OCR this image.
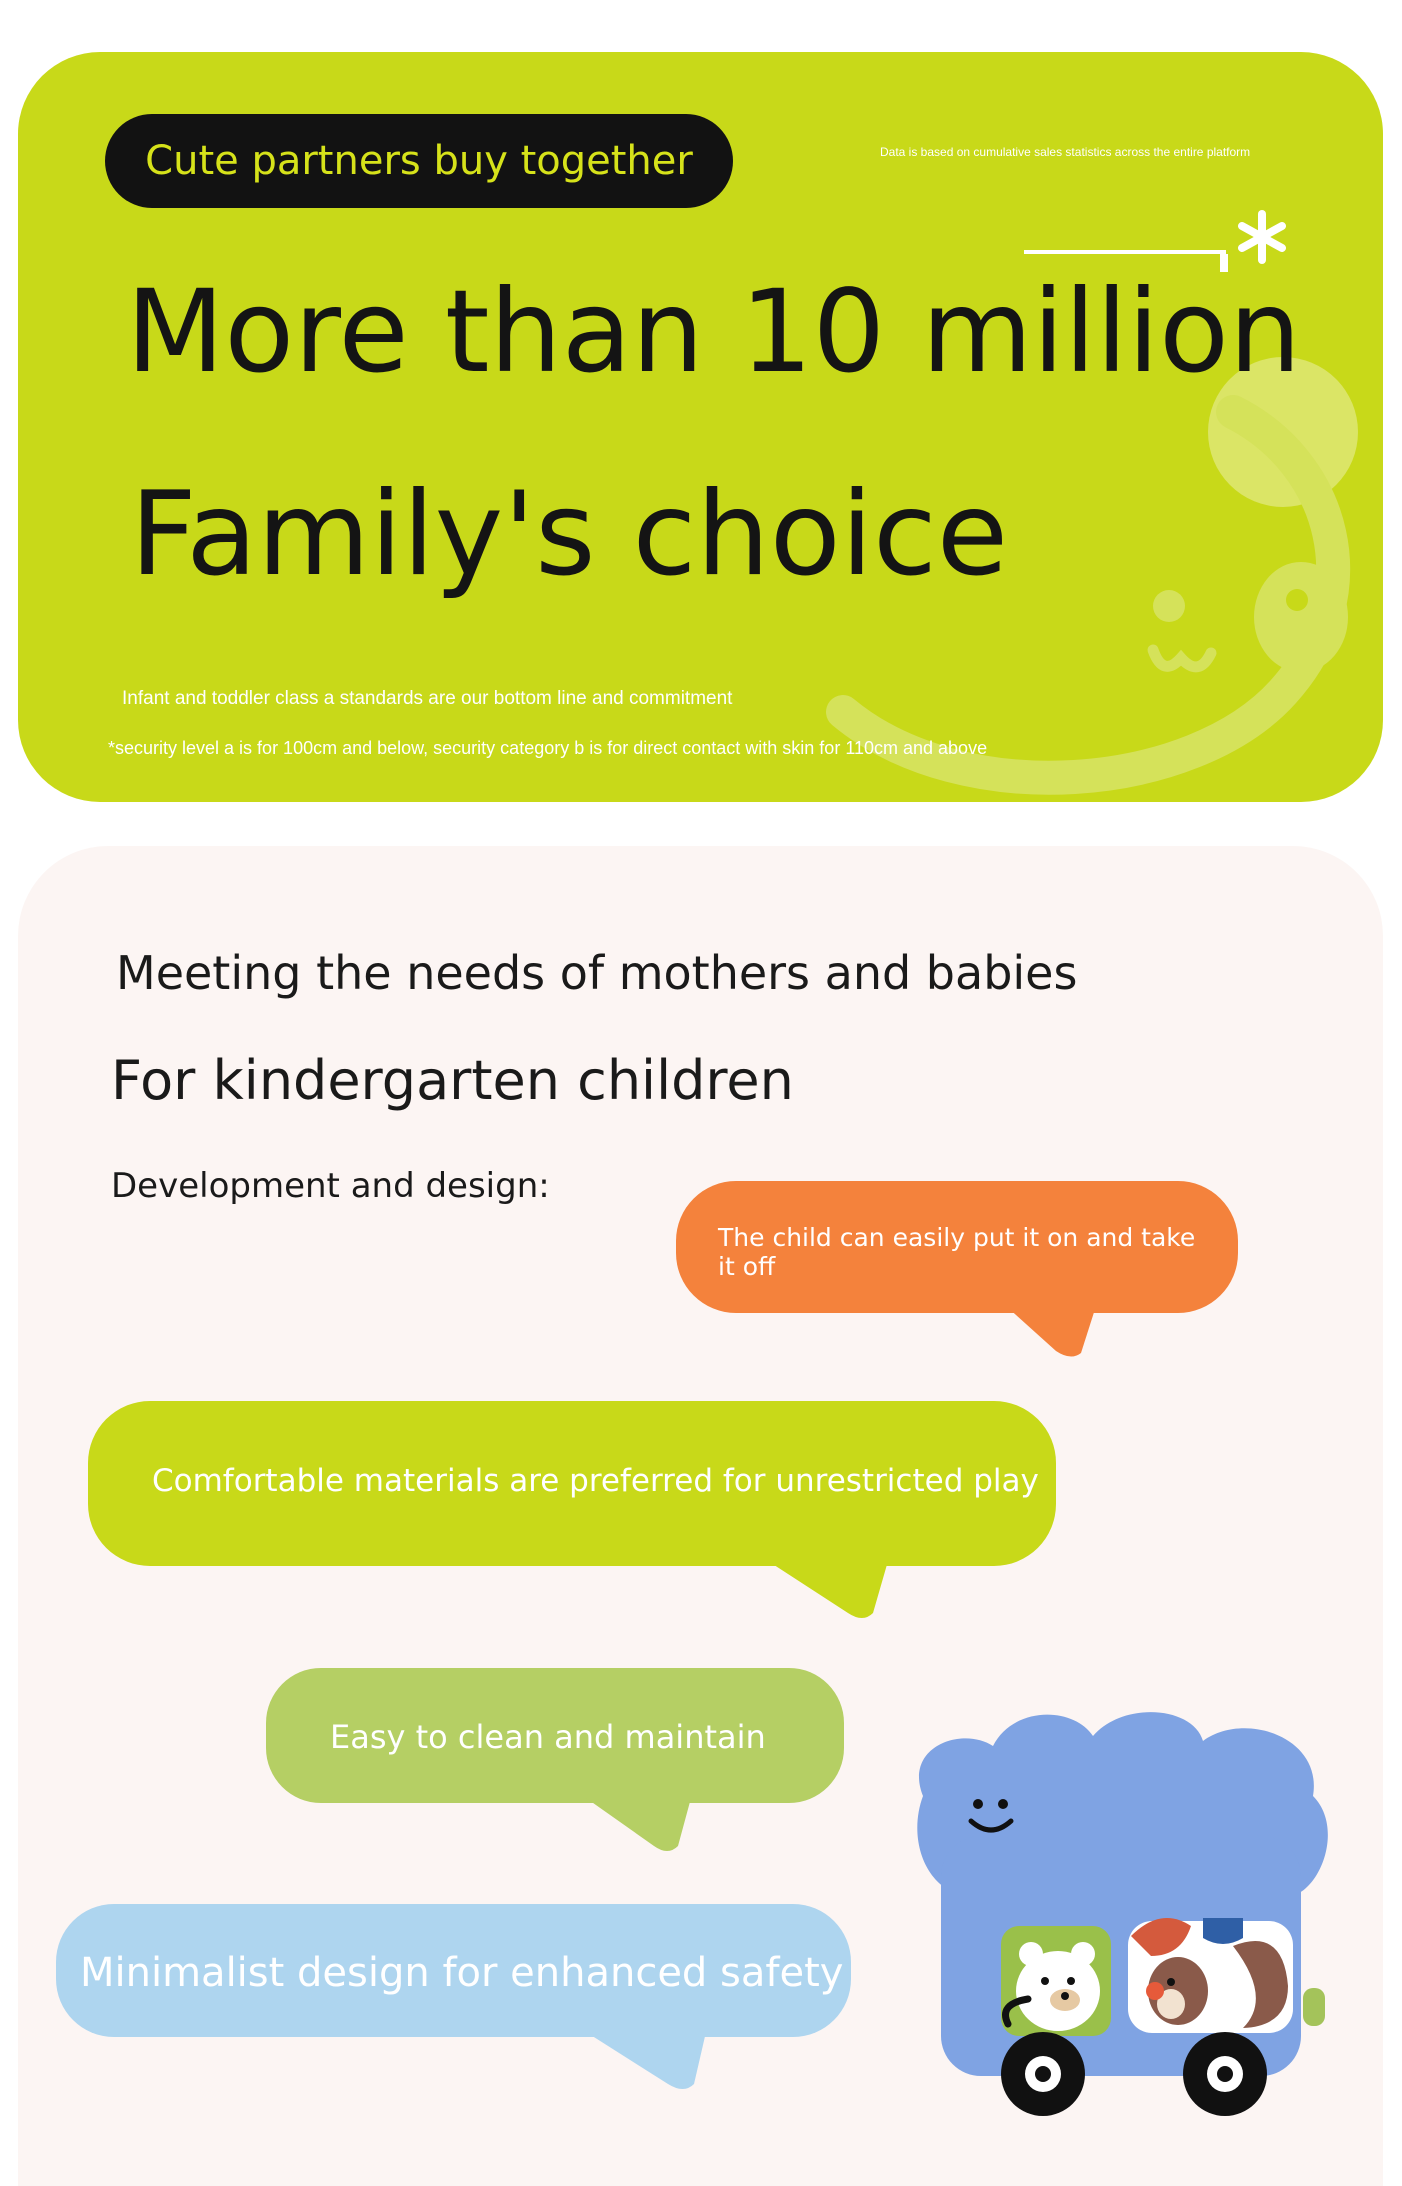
Cute partners buy together	Data is based on cumulative sales statistics across the entire platform
More than 10 million
Family's choice
Infant and toddler class a standards are our bottom line and commitment
*security level a is for 100cm and below, security category b is for direct contact with skin for 110cm and above
Meeting the needs of mothers and babies
For kindergarten children
Development and design:
The child can easily put it on and take it off
Comfortable materials are preferred for unrestricted play
Easy to clean and maintain
Minimalist design for enhanced safety
